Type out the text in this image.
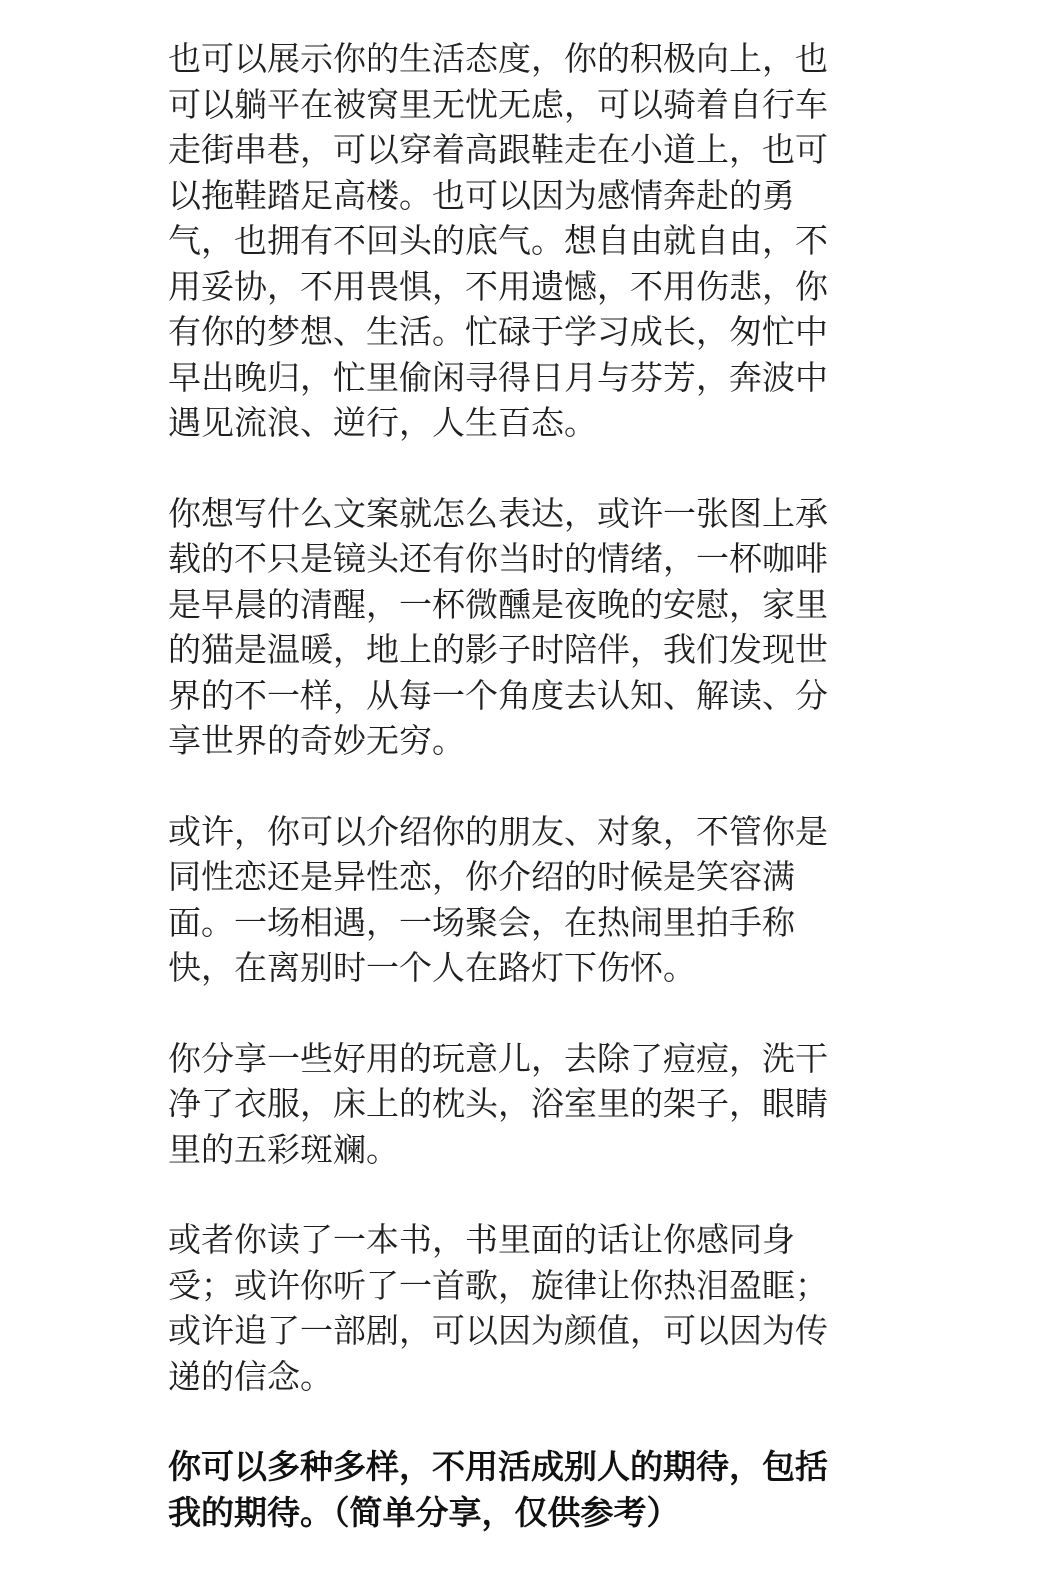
也可以展示你的生活态度，你的积极向上，也
可以躺平在被窝里无忧无虑，可以骑着自行车
走街串巷，可以穿着高跟鞋走在小道上，也可
以拖鞋踏足高楼。也可以因为感情奔赴的勇
气，也拥有不回头的底气。想自由就自由，不
用妥协，不用畏惧，不用遗憾，不用伤悲，你
有你的梦想、生活。忙碌于学习成长，匆忙中
早出晚归，忙里偷闲寻得日月与芬芳，奔波中
遇见流浪、逆行，人生百态。

你想写什么文案就怎么表达，或许一张图上承
载的不只是镜头还有你当时的情绪，一杯咖啡
是早晨的清醒，一杯微醺是夜晚的安慰，家里
的猫是温暖，地上的影子时陪伴，我们发现世
界的不一样，从每一个角度去认知、解读、分
享世界的奇妙无穷。

或许，你可以介绍你的朋友、对象，不管你是
同性恋还是异性恋，你介绍的时候是笑容满
面。一场相遇，一场聚会，在热闹里拍手称
快，在离别时一个人在路灯下伤怀。

你分享一些好用的玩意儿，去除了痘痘，洗干
净了衣服，床上的枕头，浴室里的架子，眼睛
里的五彩斑斓。

或者你读了一本书，书里面的话让你感同身
受；或许你听了一首歌，旋律让你热泪盈眶；
或许追了一部剧，可以因为颜值，可以因为传
递的信念。

你可以多种多样，不用活成别人的期待，包括
我的期待。（简单分享，仅供参考）
